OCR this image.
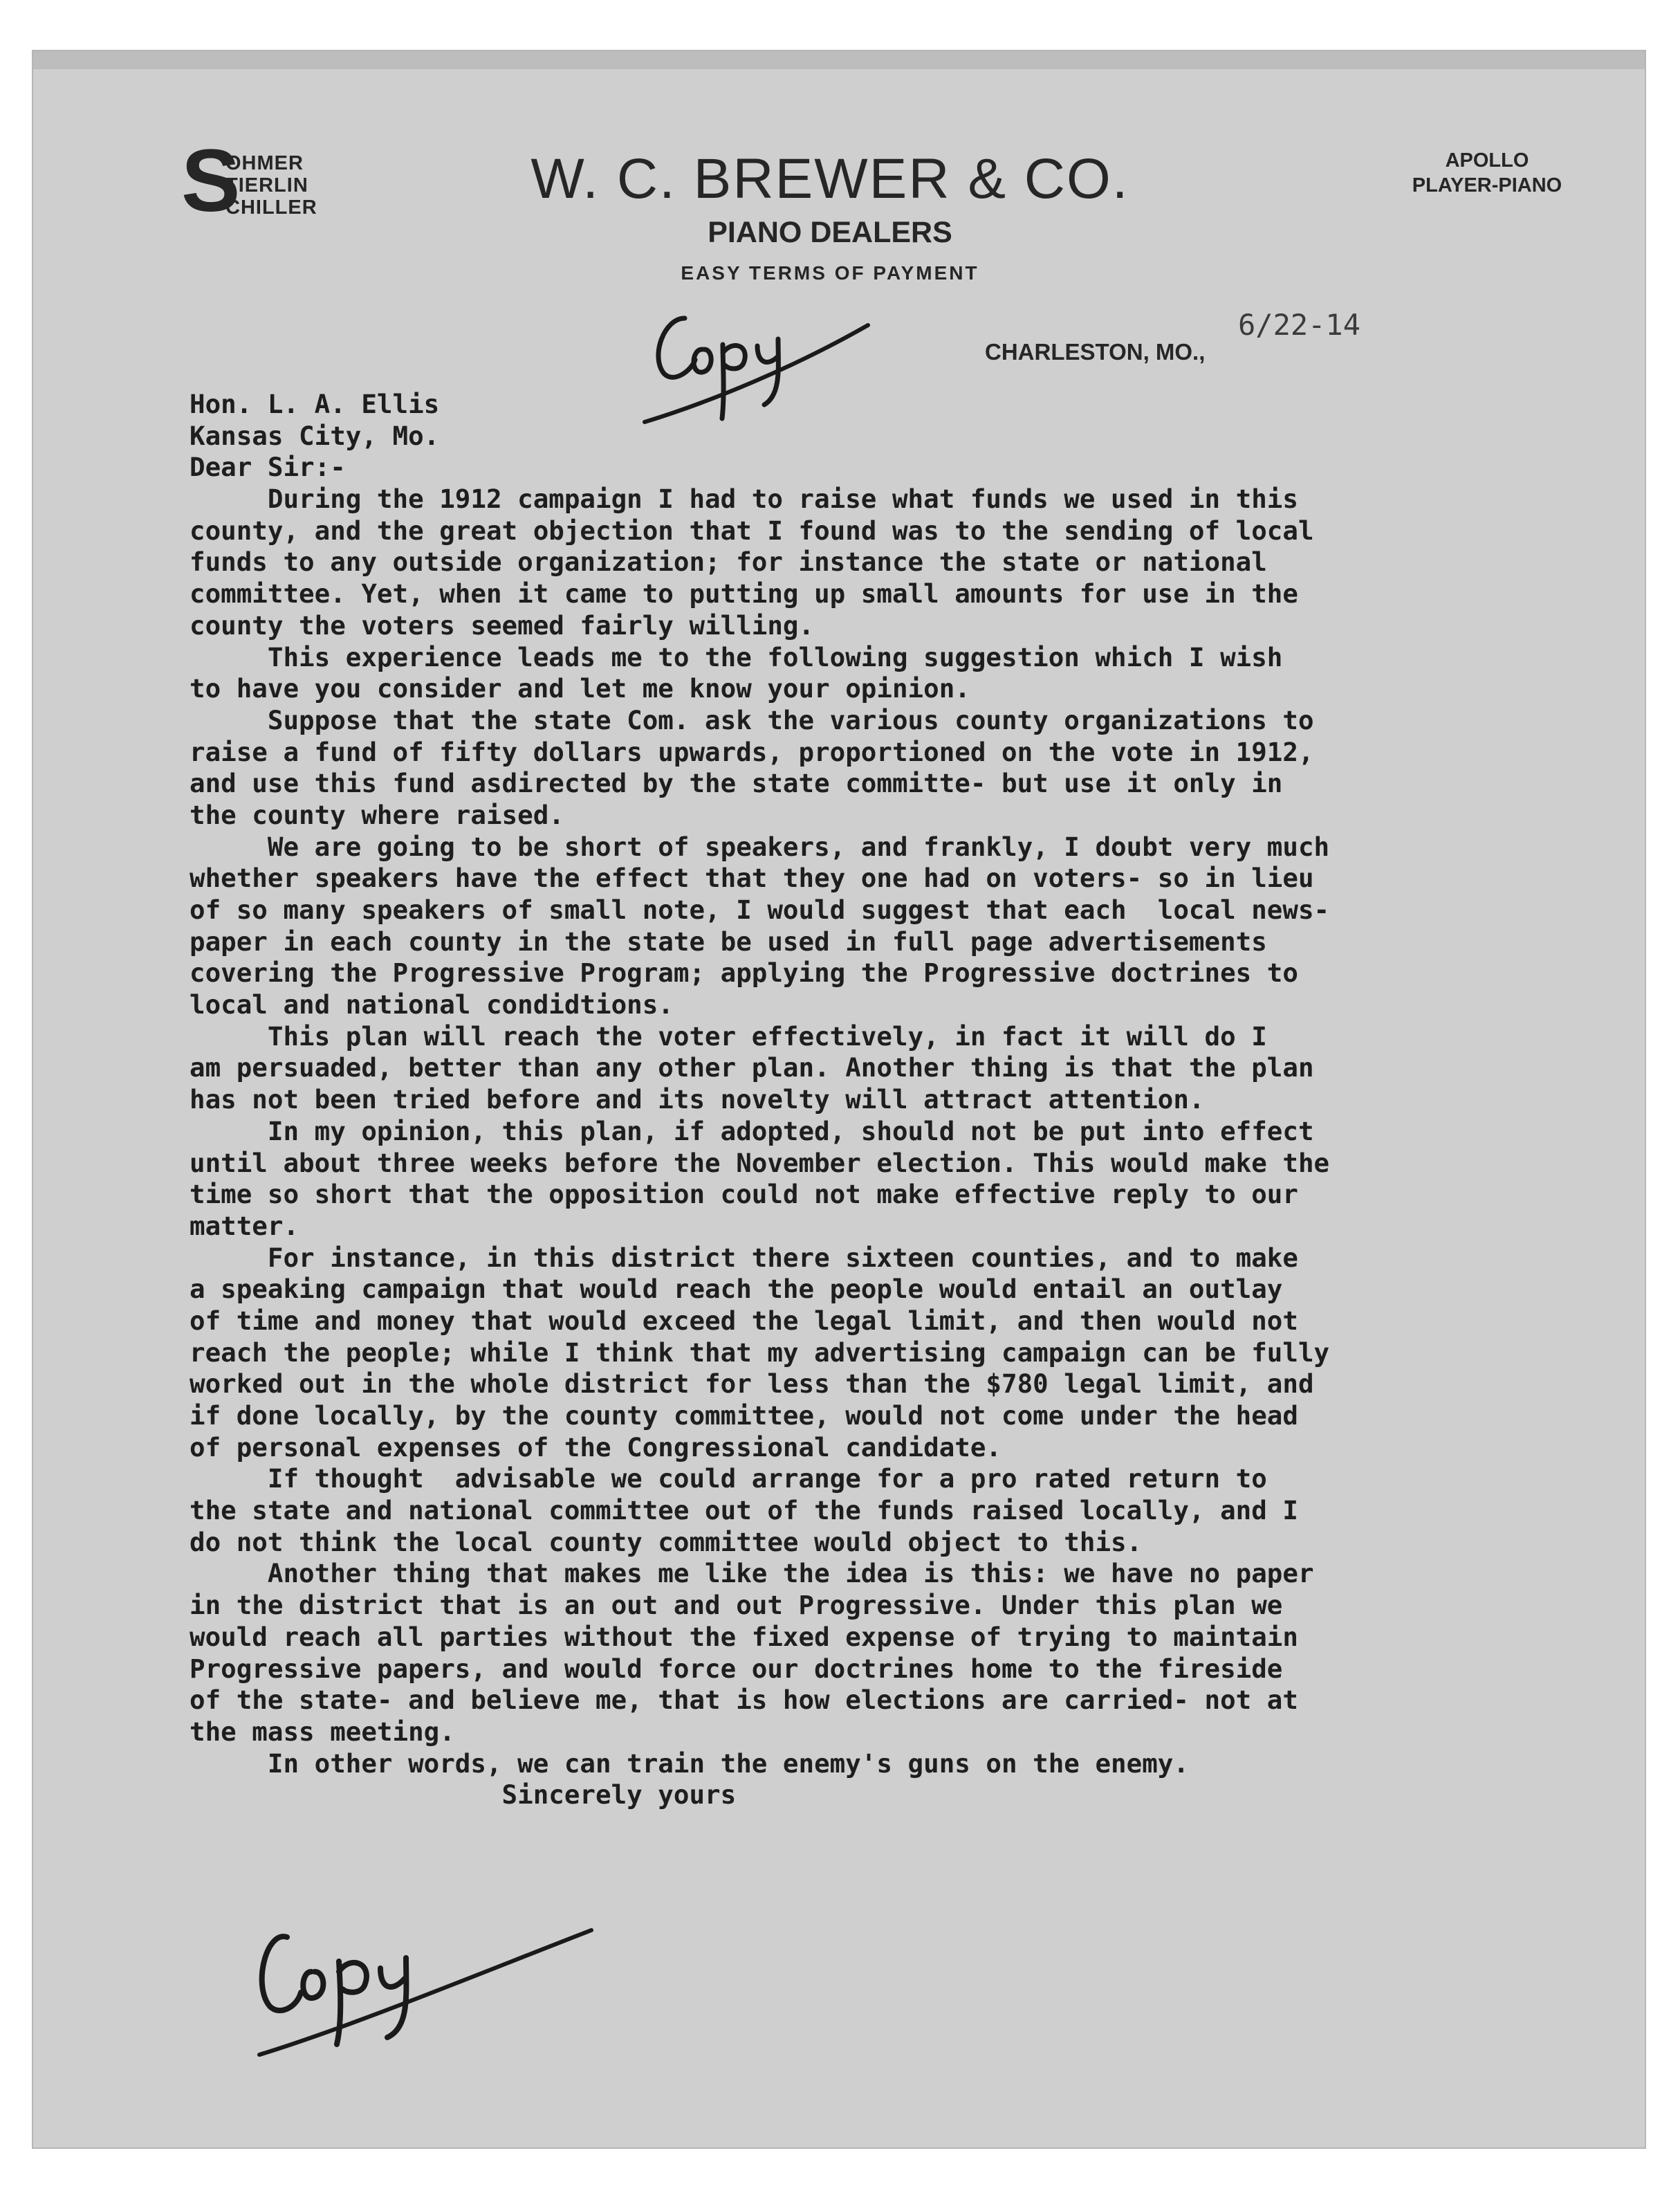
S
OHMER
TIERLIN
CHILLER	W. C. BREWER & CO.
PIANO DEALERS
EASY TERMS OF PAYMENT
APOLLO
PLAYER-PIANO
CHARLESTON, MO.,
6/22-14
Hon. L. A. Ellis
Kansas City, Mo.
Dear Sir:-
During the 1912 campaign I had to raise what funds we used in this
county, and the great objection that I found was to the sending of local
funds to any outside organization; for instance the state or national
committee. Yet, when it came to putting up small amounts for use in the
county the voters seemed fairly willing.
This experience leads me to the following suggestion which I wish
to have you consider and let me know your opinion.
Suppose that the state Com. ask the various county organizations to
raise a fund of fifty dollars upwards, proportioned on the vote in 1912,
and use this fund asdirected by the state committe- but use it only in
the county where raised.
We are going to be short of speakers, and frankly, I doubt very much
whether speakers have the effect that they one had on voters- so in lieu
of so many speakers of small note, I would suggest that each  local news-
paper in each county in the state be used in full page advertisements
covering the Progressive Program; applying the Progressive doctrines to
local and national condidtions.
This plan will reach the voter effectively, in fact it will do I
am persuaded, better than any other plan. Another thing is that the plan
has not been tried before and its novelty will attract attention.
In my opinion, this plan, if adopted, should not be put into effect
until about three weeks before the November election. This would make the
time so short that the opposition could not make effective reply to our
matter.
For instance, in this district there sixteen counties, and to make
a speaking campaign that would reach the people would entail an outlay
of time and money that would exceed the legal limit, and then would not
reach the people; while I think that my advertising campaign can be fully
worked out in the whole district for less than the $780 legal limit, and
if done locally, by the county committee, would not come under the head
of personal expenses of the Congressional candidate.
If thought  advisable we could arrange for a pro rated return to
the state and national committee out of the funds raised locally, and I
do not think the local county committee would object to this.
Another thing that makes me like the idea is this: we have no paper
in the district that is an out and out Progressive. Under this plan we
would reach all parties without the fixed expense of trying to maintain
Progressive papers, and would force our doctrines home to the fireside
of the state- and believe me, that is how elections are carried- not at
the mass meeting.
In other words, we can train the enemy's guns on the enemy.
Sincerely yours
